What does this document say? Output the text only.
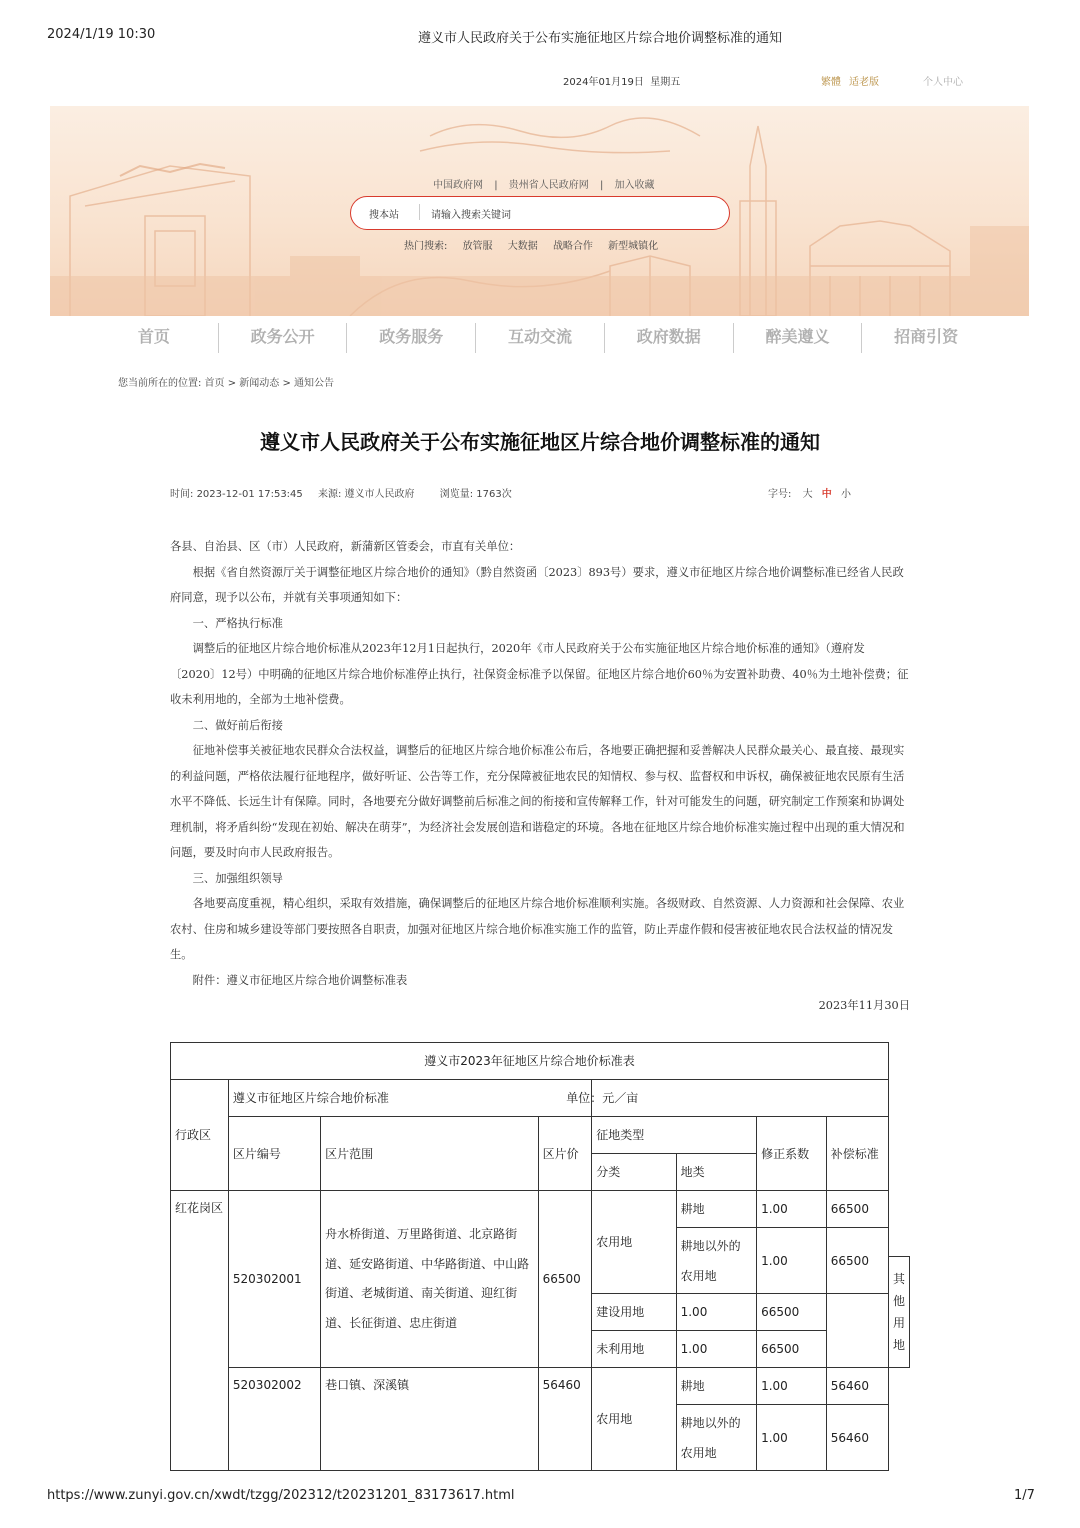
2024/1/19 10:30	遵义市人民政府关于公布实施征地区片综合地价调整标准的通知
2024年01月19日 星期五	繁體 适老版	个人中心
中国政府网 | 贵州省人民政府网 | 加入收藏
热门搜索: 放管服 大数据 战略合作 新型城镇化
搜本站	请输入搜索关键词
首页	政务公开	政务服务	互动交流	政府数据	醉美遵义	招商引资
您当前所在的位置: 首页 > 新闻动态 > 通知公告
遵义市人民政府关于公布实施征地区片综合地价调整标准的通知
时间: 2023-12-01 17:53:45 来源: 遵义市人民政府	浏览量: 1763次	字号: 大 中 小

各县、自治县、区（市）人民政府，新蒲新区管委会，市直有关单位：

根据《省自然资源厅关于调整征地区片综合地价的通知》（黔自然资函〔2023〕893号）要求，遵义市征地区片综合地价调整标准已经省人民政府同意，现予以公布，并就有关事项通知如下：

一、严格执行标准

调整后的征地区片综合地价标准从2023年12月1日起执行，2020年《市人民政府关于公布实施征地区片综合地价标准的通知》（遵府发〔2020〕12号）中明确的征地区片综合地价标准停止执行，社保资金标准予以保留。征地区片综合地价60％为安置补助费、40％为土地补偿费；征收未利用地的，全部为土地补偿费。

二、做好前后衔接

征地补偿事关被征地农民群众合法权益，调整后的征地区片综合地价标准公布后，各地要正确把握和妥善解决人民群众最关心、最直接、最现实的利益问题，严格依法履行征地程序，做好听证、公告等工作，充分保障被征地农民的知情权、参与权、监督权和申诉权，确保被征地农民原有生活水平不降低、长远生计有保障。同时，各地要充分做好调整前后标准之间的衔接和宣传解释工作，针对可能发生的问题，研究制定工作预案和协调处理机制，将矛盾纠纷“发现在初始、解决在萌芽”，为经济社会发展创造和谐稳定的环境。各地在征地区片综合地价标准实施过程中出现的重大情况和问题，要及时向市人民政府报告。

三、加强组织领导

各地要高度重视，精心组织，采取有效措施，确保调整后的征地区片综合地价标准顺利实施。各级财政、自然资源、人力资源和社会保障、农业农村、住房和城乡建设等部门要按照各自职责，加强对征地区片综合地价标准实施工作的监管，防止弄虚作假和侵害被征地农民合法权益的情况发生。

附件：遵义市征地区片综合地价调整标准表

2023年11月30日

遵义市2023年征地区片综合地价标准表								
行政区	遵义市征地区片综合地价标准			单位：元／亩				
	区片编号	区片范围	区片价	征地类型		修正系数	补偿标准	
				分类	地类			
红花岗区	520302001	舟水桥街道、万里路街道、北京路街道、延安路街道、中华路街道、中山路街道、老城街道、南关街道、迎红街道、长征街道、忠庄街道	66500	农用地	耕地	1.00	66500	
					耕地以外的农用地	1.00	66500	
								其他用地
				建设用地	1.00	66500		
				未利用地	1.00	66500		
	520302002	巷口镇、深溪镇	56460	农用地	耕地	1.00	56460	
					耕地以外的农用地	1.00	56460	
https://www.zunyi.gov.cn/xwdt/tzgg/202312/t20231201_83173617.html	1/7
